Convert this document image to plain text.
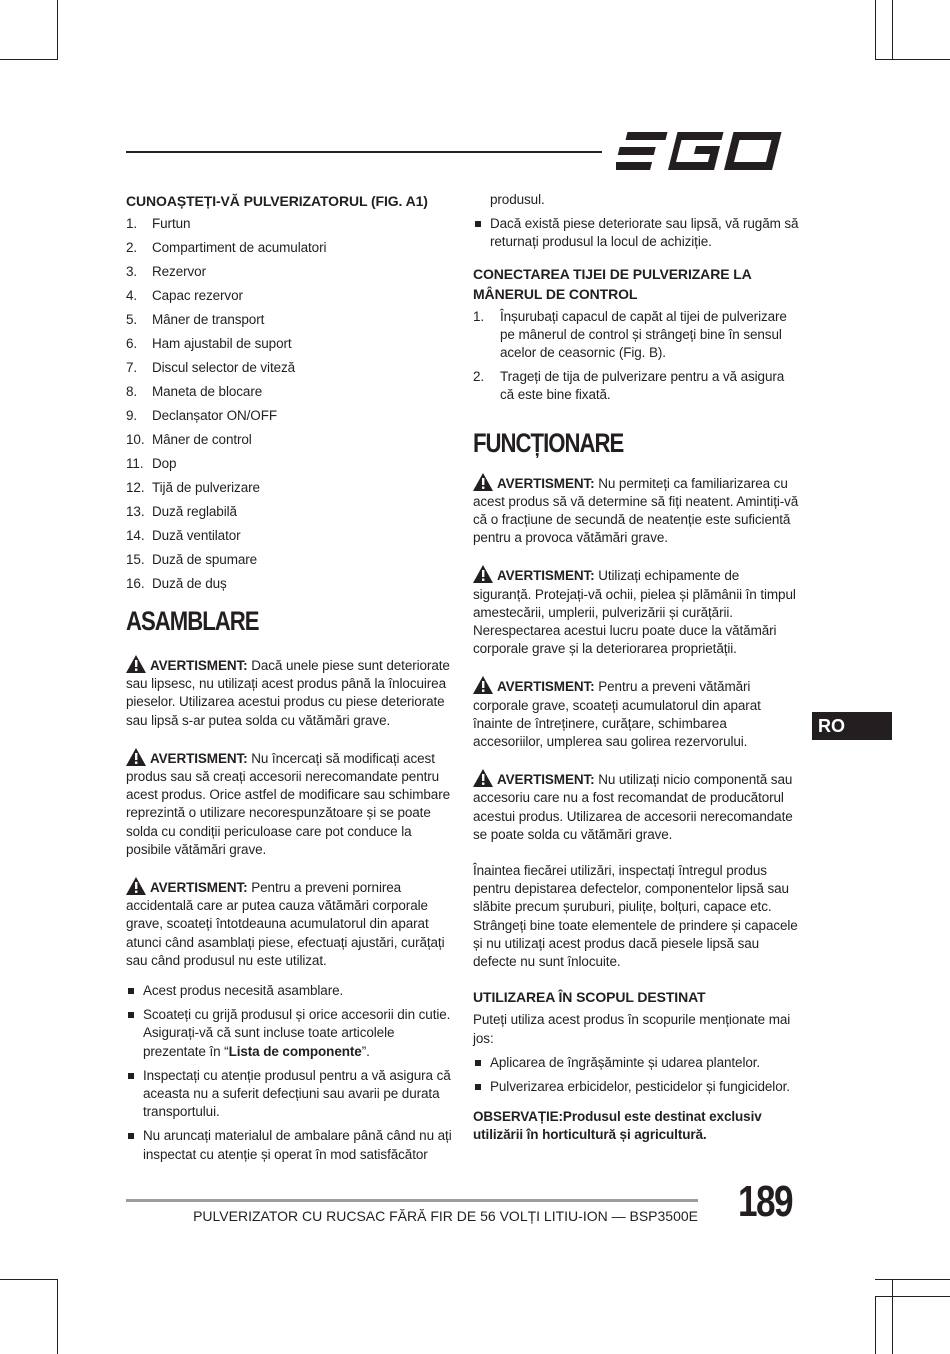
CUNOAȘTEȚI-VĂ PULVERIZATORUL (FIG. A1)
1.	Furtun
2.	Compartiment de acumulatori
3.	Rezervor
4.	Capac rezervor
5.	Mâner de transport
6.	Ham ajustabil de suport
7.	Discul selector de viteză
8.	Maneta de blocare
9.	Declanșator ON/OFF
10. Mâner de control
11. Dop
12. Tijă de pulverizare
13. Duză reglabilă
14. Duză ventilator
15. Duză de spumare
16. Duză de duș
ASAMBLARE

AVERTISMENT: Dacă unele piese sunt deteriorate sau lipsesc, nu utilizați acest produs până la înlocuirea pieselor. Utilizarea acestui produs cu piese deteriorate sau lipsă s-ar putea solda cu vătămări grave.

AVERTISMENT: Nu încercați să modificați acest produs sau să creați accesorii nerecomandate pentru acest produs. Orice astfel de modificare sau schimbare reprezintă o utilizare necorespunzătoare și se poate solda cu condiții periculoase care pot conduce la posibile vătămări grave.

AVERTISMENT: Pentru a preveni pornirea accidentală care ar putea cauza vătămări corporale grave, scoateți întotdeauna acumulatorul din aparat atunci când asamblați piese, efectuați ajustări, curățați sau când produsul nu este utilizat.

Acest produs necesită asamblare.
Scoateți cu grijă produsul și orice accesorii din cutie. Asigurați-vă că sunt incluse toate articolele prezentate în “Lista de componente”.
Inspectați cu atenție produsul pentru a vă asigura că aceasta nu a suferit defecțiuni sau avarii pe durata transportului.
Nu aruncați materialul de ambalare până când nu ați inspectat cu atenție și operat în mod satisfăcător
produsul.
Dacă există piese deteriorate sau lipsă, vă rugăm să returnați produsul la locul de achiziție.
CONECTAREA TIJEI DE PULVERIZARE LA MÂNERUL DE CONTROL
1. Înșurubați capacul de capăt al tijei de pulverizare pe mânerul de control și strângeți bine în sensul acelor de ceasornic (Fig. B).
2. Trageți de tija de pulverizare pentru a vă asigura că este bine fixată.
FUNCȚIONARE

AVERTISMENT: Nu permiteți ca familiarizarea cu acest produs să vă determine să fiți neatent. Amintiți-vă că o fracțiune de secundă de neatenție este suficientă pentru a provoca vătămări grave.

AVERTISMENT: Utilizați echipamente de siguranță. Protejați-vă ochii, pielea și plămânii în timpul amestecării, umplerii, pulverizării și curățării. Nerespectarea acestui lucru poate duce la vătămări corporale grave și la deteriorarea proprietății.

AVERTISMENT: Pentru a preveni vătămări corporale grave, scoateți acumulatorul din aparat înainte de întreținere, curățare, schimbarea accesoriilor, umplerea sau golirea rezervorului.

AVERTISMENT: Nu utilizați nicio componentă sau accesoriu care nu a fost recomandat de producătorul acestui produs. Utilizarea de accesorii nerecomandate se poate solda cu vătămări grave.

Înaintea fiecărei utilizări, inspectați întregul produs pentru depistarea defectelor, componentelor lipsă sau slăbite precum șuruburi, piulițe, bolțuri, capace etc. Strângeți bine toate elementele de prindere și capacele și nu utilizați acest produs dacă piesele lipsă sau defecte nu sunt înlocuite.

UTILIZAREA ÎN SCOPUL DESTINAT

Puteți utiliza acest produs în scopurile menționate mai jos:

Aplicarea de îngrășăminte și udarea plantelor.
Pulverizarea erbicidelor, pesticidelor și fungicidelor.

OBSERVAȚIE:Produsul este destinat exclusiv utilizării în horticultură și agricultură.

RO
PULVERIZATOR CU RUCSAC FĂRĂ FIR DE 56 VOLȚI LITIU-ION — BSP3500E 189
